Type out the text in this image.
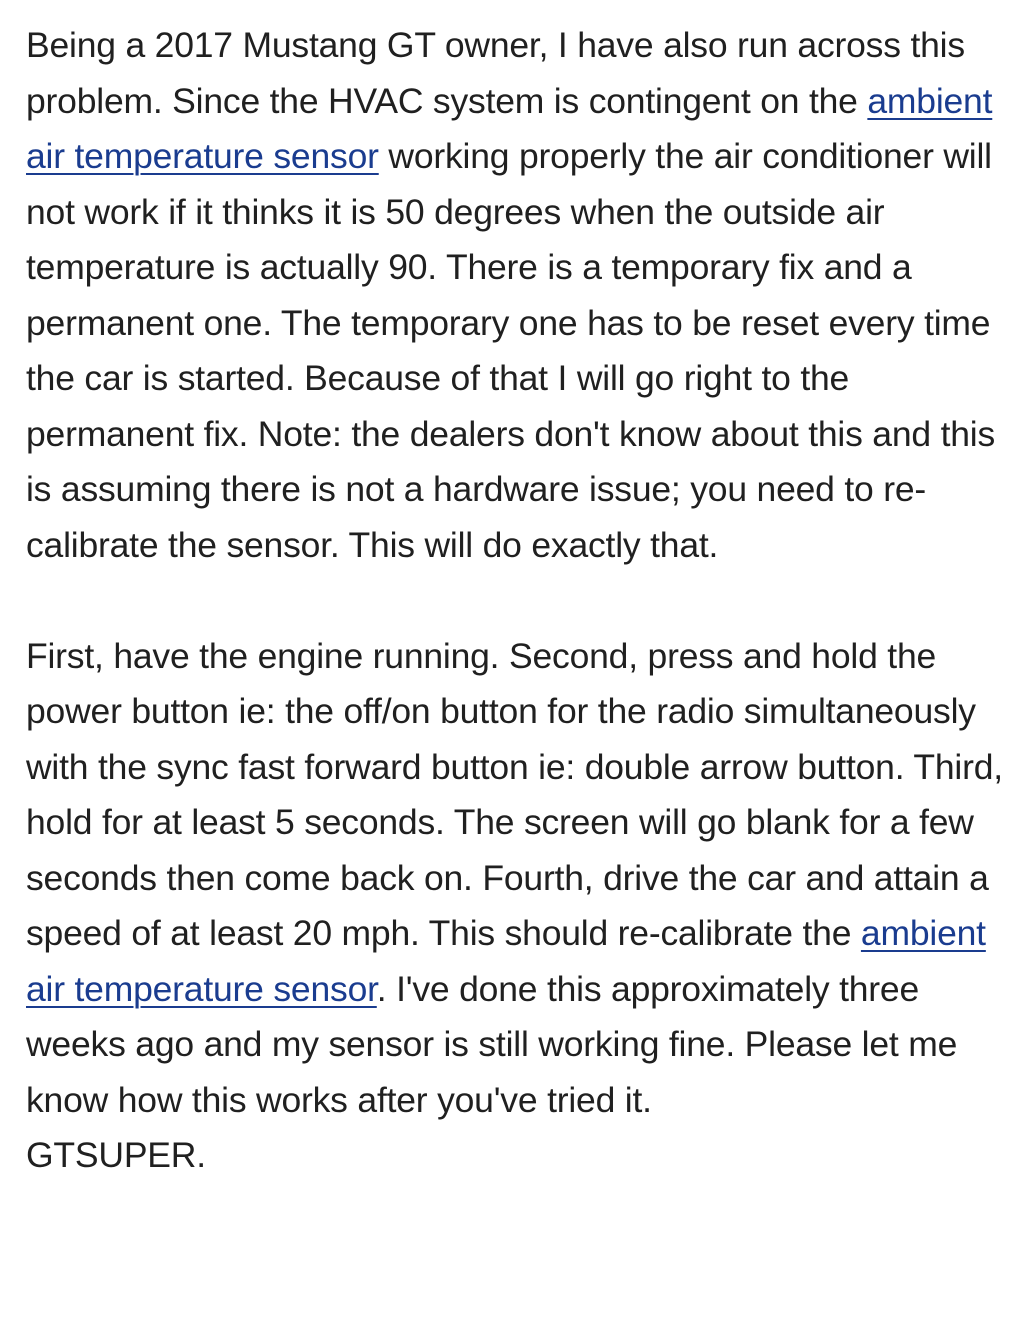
Being a 2017 Mustang GT owner, I have also run across this problem. Since the HVAC system is contingent on the ambient air temperature sensor working properly the air conditioner will not work if it thinks it is 50 degrees when the outside air temperature is actually 90. There is a temporary fix and a permanent one. The temporary one has to be reset every time the car is started. Because of that I will go right to the permanent fix. Note: the dealers don't know about this and this is assuming there is not a hardware issue; you need to re-calibrate the sensor. This will do exactly that.

First, have the engine running. Second, press and hold the power button ie: the off/on button for the radio simultaneously with the sync fast forward button ie: double arrow button. Third, hold for at least 5 seconds. The screen will go blank for a few seconds then come back on. Fourth, drive the car and attain a speed of at least 20 mph. This should re-calibrate the ambient air temperature sensor. I've done this approximately three weeks ago and my sensor is still working fine. Please let me know how this works after you've tried it.
GTSUPER.
